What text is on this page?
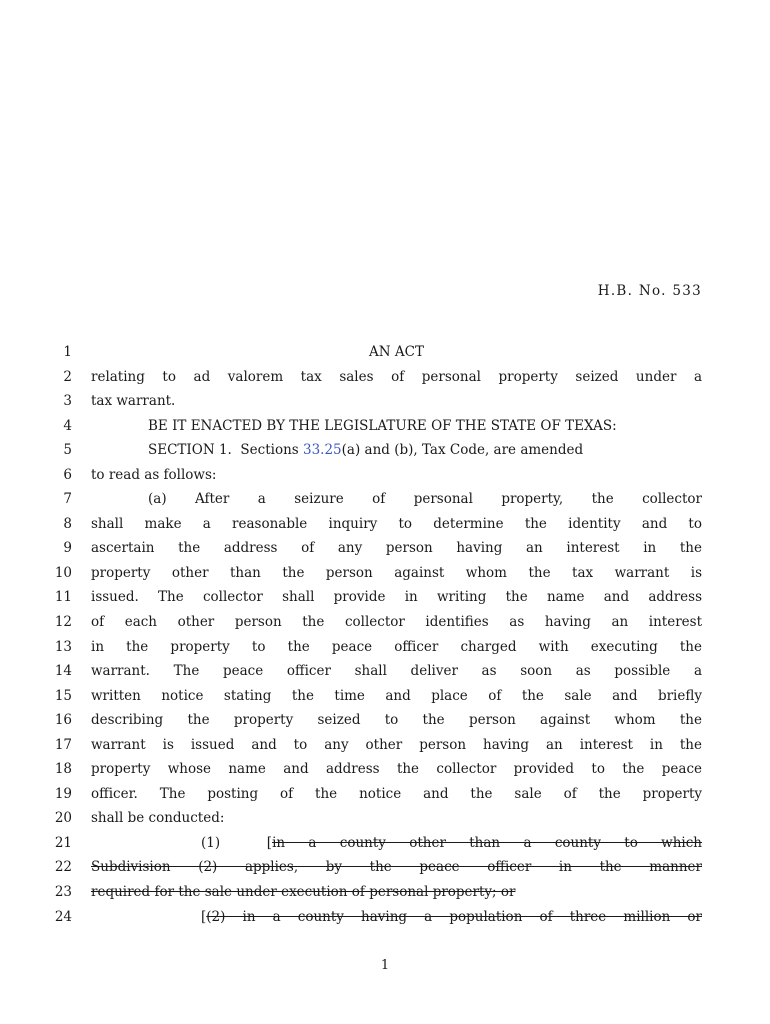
H.B. No. 533
1	AN ACT
2 relating to ad valorem tax sales of personal property seized under a
3 tax warrant.
4	BE IT ENACTED BY THE LEGISLATURE OF THE STATE OF TEXAS:
5	SECTION 1.  Sections 33.25(a) and (b), Tax Code, are amended
6 to read as follows:
7	(a) After a seizure of personal property, the collector
8 shall make a reasonable inquiry to determine the identity and to
9 ascertain the address of any person having an interest in the
10 property other than the person against whom the tax warrant is
11 issued. The collector shall provide in writing the name and address
12 of each other person the collector identifies as having an interest
13 in the property to the peace officer charged with executing the
14 warrant. The peace officer shall deliver as soon as possible a
15 written notice stating the time and place of the sale and briefly
16 describing the property seized to the person against whom the
17 warrant is issued and to any other person having an interest in the
18 property whose name and address the collector provided to the peace
19 officer. The posting of the notice and the sale of the property
20 shall be conducted:
21	(1)  [in a county other than a county to which
22 Subdivision (2) applies, by the peace officer in the manner
23 required for the sale under execution of personal property; or
24	[(2) in a county having a population of three million or
1
